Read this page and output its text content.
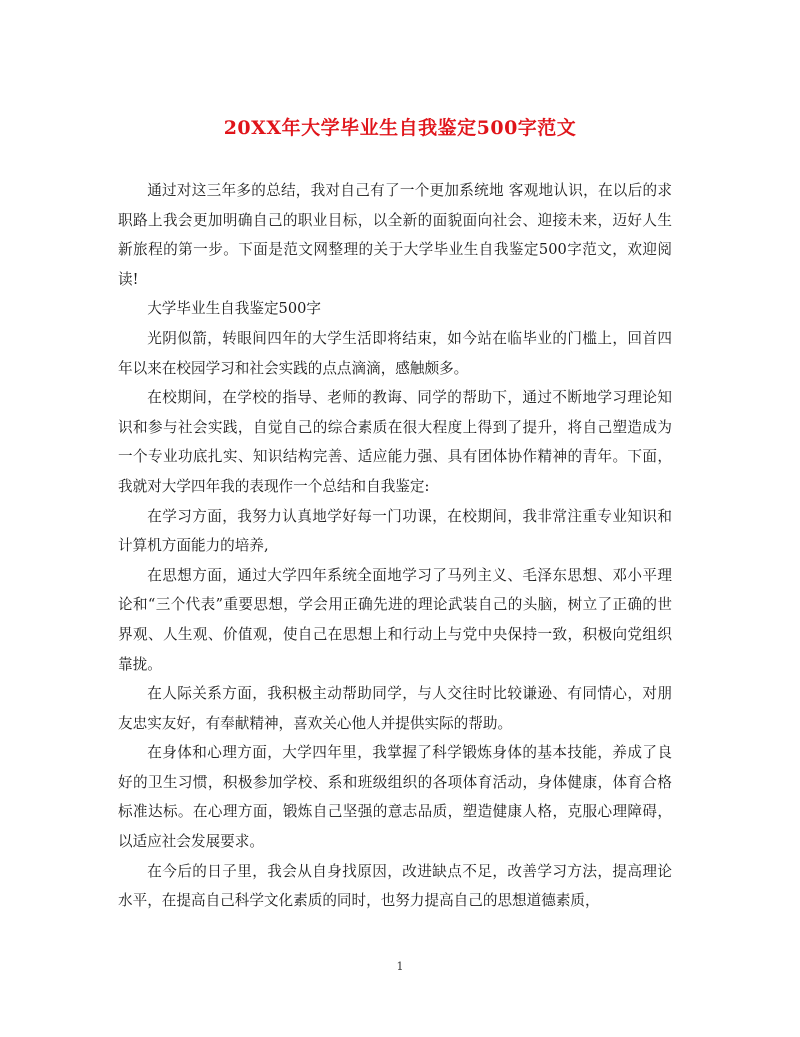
20XX年大学毕业生自我鉴定500字范文

通过对这三年多的总结，我对自己有了一个更加系统地 客观地认识，在以后的求职路上我会更加明确自己的职业目标，以全新的面貌面向社会、迎接未来，迈好人生新旅程的第一步。下面是范文网整理的关于大学毕业生自我鉴定500字范文，欢迎阅读!

大学毕业生自我鉴定500字

光阴似箭，转眼间四年的大学生活即将结束，如今站在临毕业的门槛上，回首四年以来在校园学习和社会实践的点点滴滴，感触颇多。

在校期间，在学校的指导、老师的教诲、同学的帮助下，通过不断地学习理论知识和参与社会实践，自觉自己的综合素质在很大程度上得到了提升，将自己塑造成为一个专业功底扎实、知识结构完善、适应能力强、具有团体协作精神的青年。下面，我就对大学四年我的表现作一个总结和自我鉴定:

在学习方面，我努力认真地学好每一门功课，在校期间，我非常注重专业知识和计算机方面能力的培养,

在思想方面，通过大学四年系统全面地学习了马列主义、毛泽东思想、邓小平理论和“三个代表”重要思想，学会用正确先进的理论武装自己的头脑，树立了正确的世界观、人生观、价值观，使自己在思想上和行动上与党中央保持一致，积极向党组织靠拢。

在人际关系方面，我积极主动帮助同学，与人交往时比较谦逊、有同情心，对朋友忠实友好，有奉献精神，喜欢关心他人并提供实际的帮助。

在身体和心理方面，大学四年里，我掌握了科学锻炼身体的基本技能，养成了良好的卫生习惯，积极参加学校、系和班级组织的各项体育活动，身体健康，体育合格标准达标。在心理方面，锻炼自己坚强的意志品质，塑造健康人格，克服心理障碍，以适应社会发展要求。

在今后的日子里，我会从自身找原因，改进缺点不足，改善学习方法，提高理论水平，在提高自己科学文化素质的同时，也努力提高自己的思想道德素质，

1
